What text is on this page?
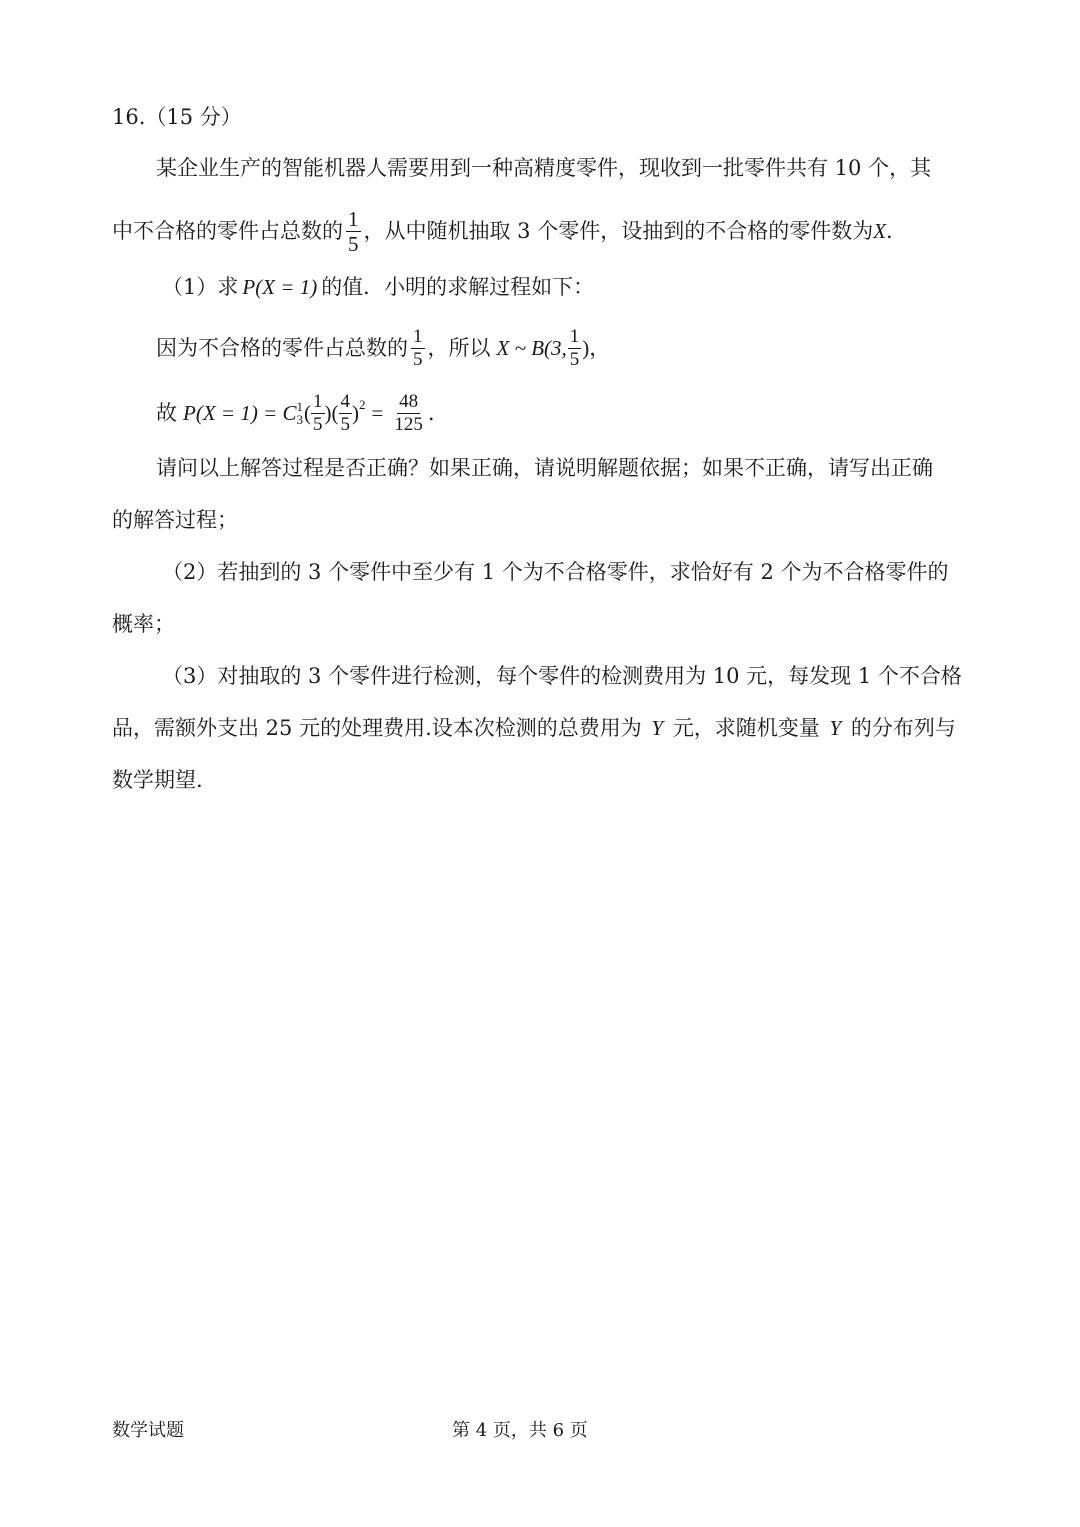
16.（15 分）
某企业生产的智能机器人需要用到一种高精度零件，现收到一批零件共有 10 个，其
中不合格的零件占总数的 $\frac{1}{5}$ ，从中随机抽取 3 个零件，设抽到的不合格的零件数为 X .
（1）求 P(X = 1) 的值．小明的求解过程如下：
因为不合格的零件占总数的 $\frac{1}{5}$ ，所以 X ~ B(3, $\frac{1}{5}$ ) ，
故 P(X = 1) = C 1
3 ( $\frac{1}{5}$ )( $\frac{4}{5}$ ) $2 = \frac{48}{125}$ .
请问以上解答过程是否正确？如果正确，请说明解题依据；如果不正确，请写出正确
的解答过程；
（2）若抽到的 3 个零件中至少有 1 个为不合格零件，求恰好有 2 个为不合格零件的
概率；
（3）对抽取的 3 个零件进行检测，每个零件的检测费用为 10 元，每发现 1 个不合格
品，需额外支出 25 元的处理费用.设本次检测的总费用为 Y 元，求随机变量 Y 的分布列与
数学期望.
数学试题	第 4 页，共 6 页
